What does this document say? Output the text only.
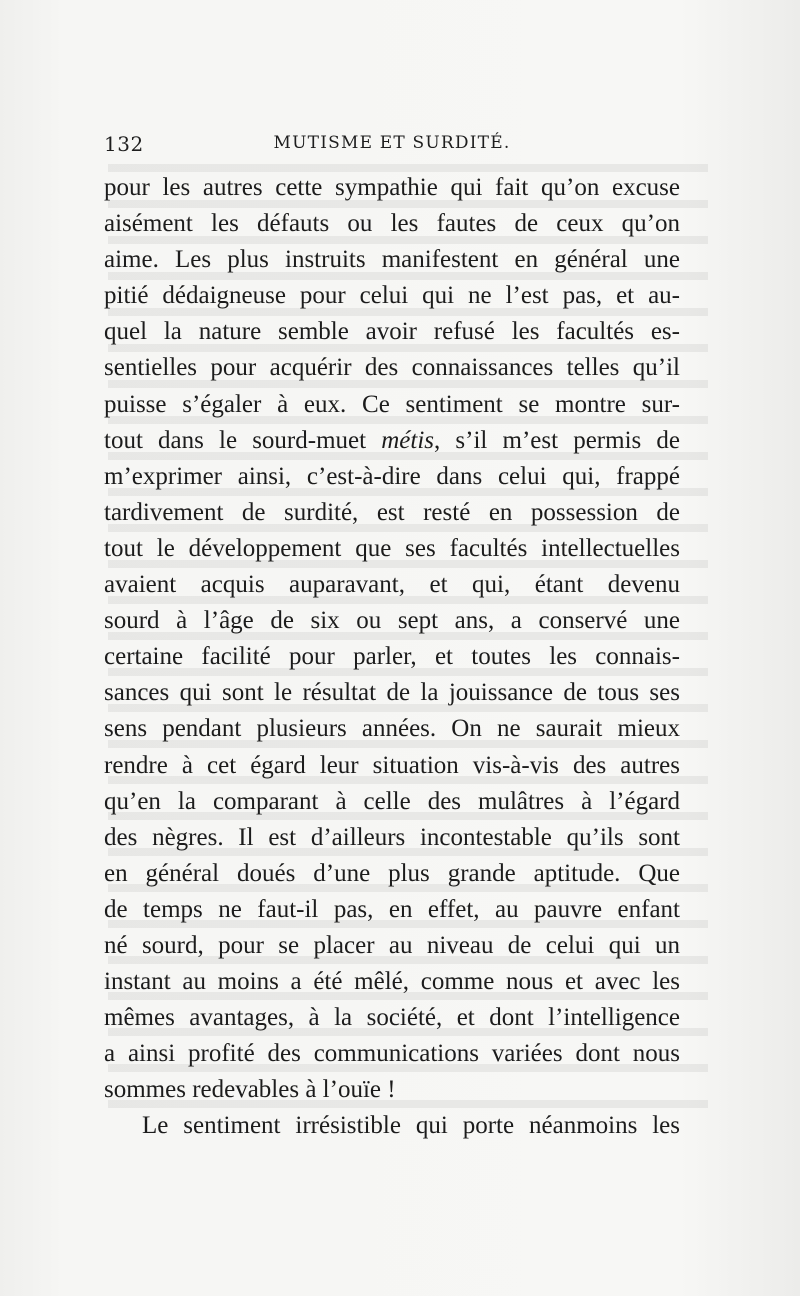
132	MUTISME ET SURDITÉ.
pour les autres cette sympathie qui fait qu’on excuse
aisément les défauts ou les fautes de ceux qu’on
aime. Les plus instruits manifestent en général une
pitié dédaigneuse pour celui qui ne l’est pas, et au-
quel la nature semble avoir refusé les facultés es-
sentielles pour acquérir des connaissances telles qu’il
puisse s’égaler à eux. Ce sentiment se montre sur-
tout dans le sourd-muet métis, s’il m’est permis de
m’exprimer ainsi, c’est-à-dire dans celui qui, frappé
tardivement de surdité, est resté en possession de
tout le développement que ses facultés intellectuelles
avaient acquis auparavant, et qui, étant devenu
sourd à l’âge de six ou sept ans, a conservé une
certaine facilité pour parler, et toutes les connais-
sances qui sont le résultat de la jouissance de tous ses
sens pendant plusieurs années. On ne saurait mieux
rendre à cet égard leur situation vis-à-vis des autres
qu’en la comparant à celle des mulâtres à l’égard
des nègres. Il est d’ailleurs incontestable qu’ils sont
en général doués d’une plus grande aptitude. Que
de temps ne faut-il pas, en effet, au pauvre enfant
né sourd, pour se placer au niveau de celui qui un
instant au moins a été mêlé, comme nous et avec les
mêmes avantages, à la société, et dont l’intelligence
a ainsi profité des communications variées dont nous
sommes redevables à l’ouïe !
Le sentiment irrésistible qui porte néanmoins les
